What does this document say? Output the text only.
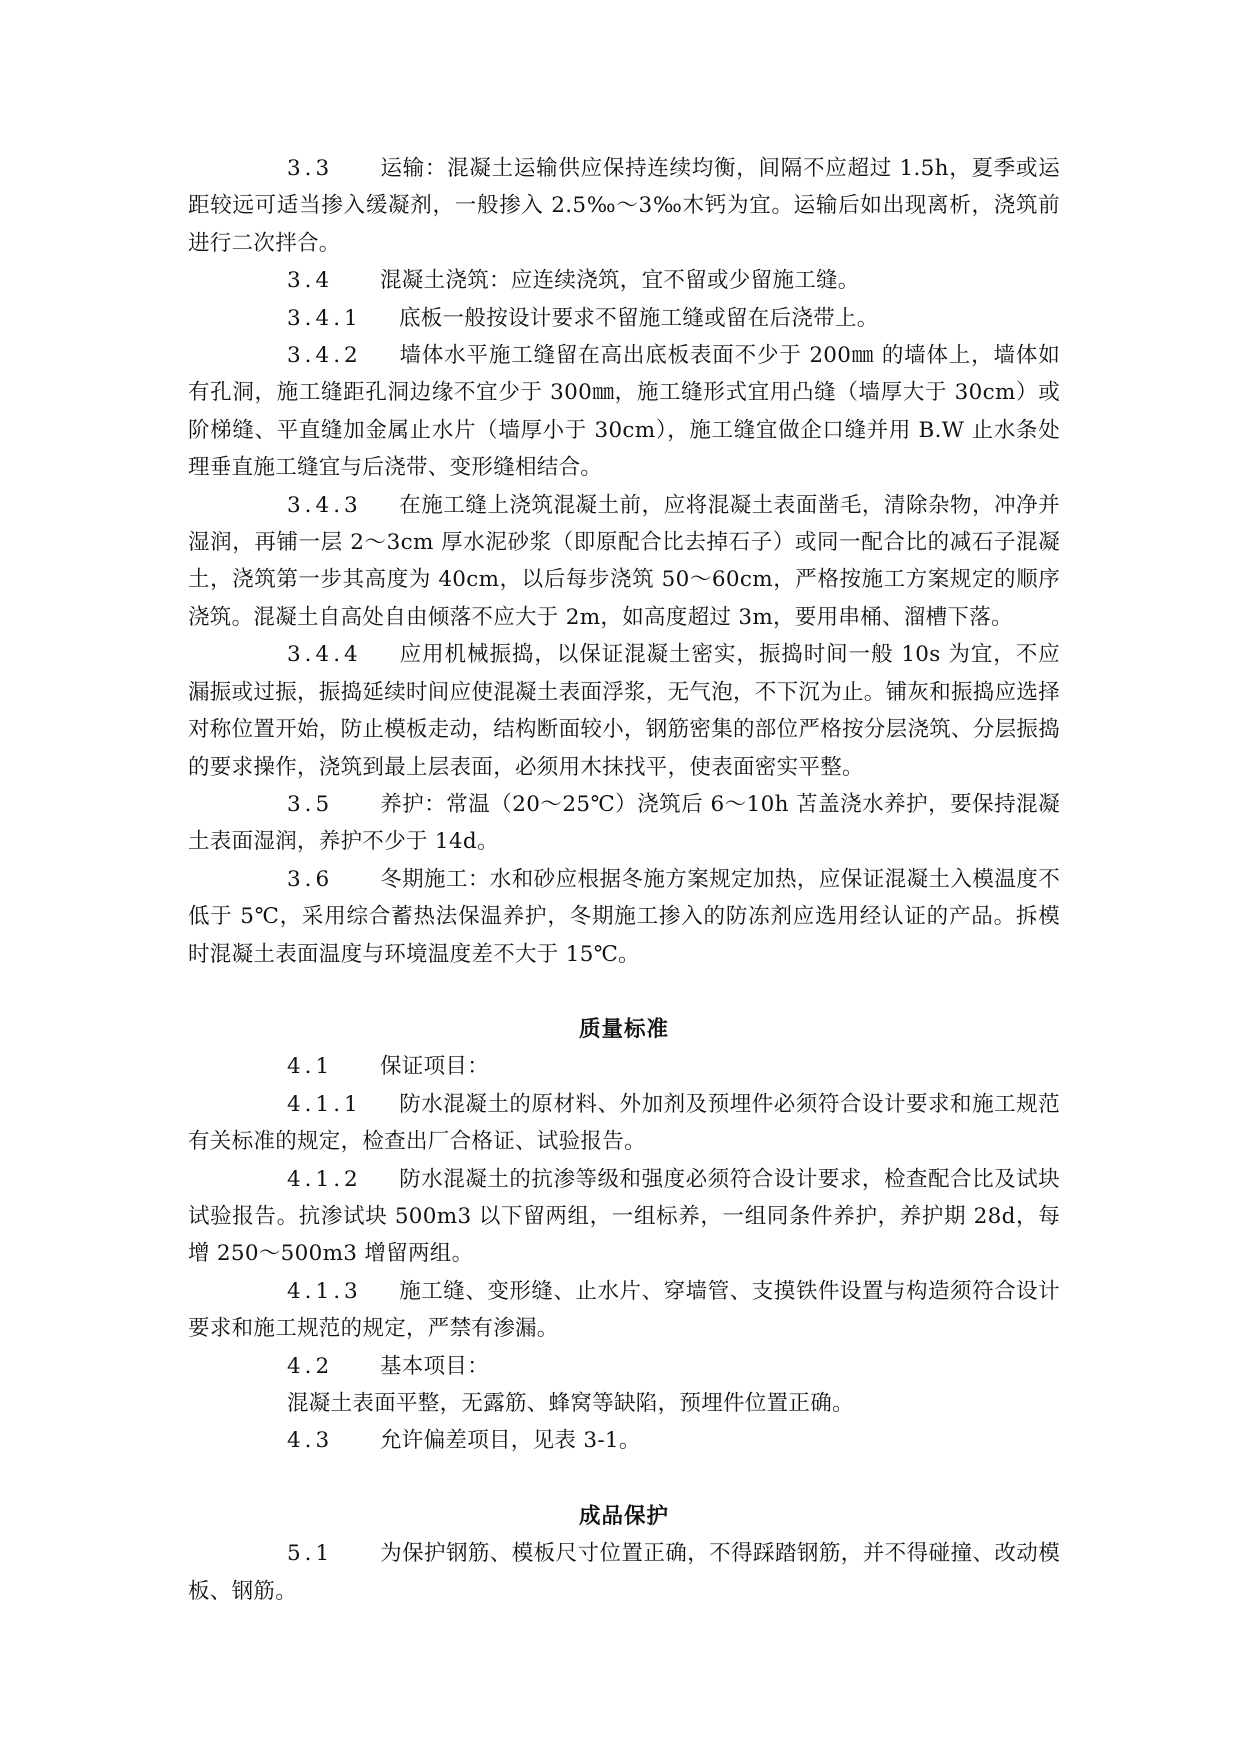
3.3 运输：混凝土运输供应保持连续均衡，间隔不应超过 1.5h，夏季或运距较远可适当掺入缓凝剂，一般掺入 2.5‰～3‰木钙为宜。运输后如出现离析，浇筑前进行二次拌合。

3.4 混凝土浇筑：应连续浇筑，宜不留或少留施工缝。

3.4.1 底板一般按设计要求不留施工缝或留在后浇带上。

3.4.2 墙体水平施工缝留在高出底板表面不少于 200㎜ 的墙体上，墙体如有孔洞，施工缝距孔洞边缘不宜少于 300㎜，施工缝形式宜用凸缝（墙厚大于 30cm）或阶梯缝、平直缝加金属止水片（墙厚小于 30cm），施工缝宜做企口缝并用 B.W 止水条处理垂直施工缝宜与后浇带、变形缝相结合。

3.4.3 在施工缝上浇筑混凝土前，应将混凝土表面凿毛，清除杂物，冲净并湿润，再铺一层 2～3cm 厚水泥砂浆（即原配合比去掉石子）或同一配合比的减石子混凝土，浇筑第一步其高度为 40cm，以后每步浇筑 50～60cm，严格按施工方案规定的顺序浇筑。混凝土自高处自由倾落不应大于 2m，如高度超过 3m，要用串桶、溜槽下落。

3.4.4 应用机械振捣，以保证混凝土密实，振捣时间一般 10s 为宜，不应漏振或过振，振捣延续时间应使混凝土表面浮浆，无气泡，不下沉为止。铺灰和振捣应选择对称位置开始，防止模板走动，结构断面较小，钢筋密集的部位严格按分层浇筑、分层振捣的要求操作，浇筑到最上层表面，必须用木抹找平，使表面密实平整。

3.5 养护：常温（20～25℃）浇筑后 6～10h 苫盖浇水养护，要保持混凝土表面湿润，养护不少于 14d。

3.6 冬期施工：水和砂应根据冬施方案规定加热，应保证混凝土入模温度不低于 5℃，采用综合蓄热法保温养护，冬期施工掺入的防冻剂应选用经认证的产品。拆模时混凝土表面温度与环境温度差不大于 15℃。

质量标准

4.1 保证项目：

4.1.1 防水混凝土的原材料、外加剂及预埋件必须符合设计要求和施工规范有关标准的规定，检查出厂合格证、试验报告。

4.1.2 防水混凝土的抗渗等级和强度必须符合设计要求，检查配合比及试块试验报告。抗渗试块 500m3 以下留两组，一组标养，一组同条件养护，养护期 28d，每增 250～500m3 增留两组。

4.1.3 施工缝、变形缝、止水片、穿墙管、支摸铁件设置与构造须符合设计要求和施工规范的规定，严禁有渗漏。

4.2 基本项目：

混凝土表面平整，无露筋、蜂窝等缺陷，预埋件位置正确。

4.3 允许偏差项目，见表 3-1。

成品保护

5.1 为保护钢筋、模板尺寸位置正确，不得踩踏钢筋，并不得碰撞、改动模板、钢筋。
